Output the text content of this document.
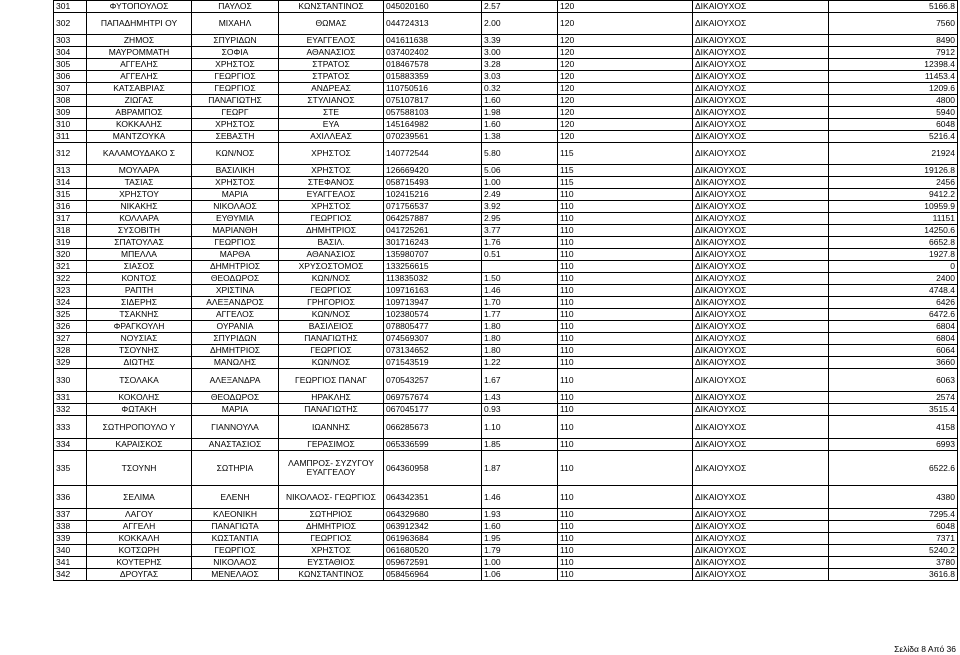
301	ΦΥΤΟΠΟΥΛΟΣ	ΠΑΥΛΟΣ	ΚΩΝΣΤΑΝΤΙΝΟΣ	045020160	2.57	120	ΔΙΚΑΙΟΥΧΟΣ	5166.8
302	ΠΑΠΑΔΗΜΗΤΡΙ ΟΥ	ΜΙΧΑΗΛ	ΘΩΜΑΣ	044724313	2.00	120	ΔΙΚΑΙΟΥΧΟΣ	7560
303	ΖΗΜΟΣ	ΣΠΥΡΙΔΩΝ	ΕΥΑΓΓΕΛΟΣ	041611638	3.39	120	ΔΙΚΑΙΟΥΧΟΣ	8490
304	ΜΑΥΡΟΜΜΑΤΗ	ΣΟΦΙΑ	ΑΘΑΝΑΣΙΟΣ	037402402	3.00	120	ΔΙΚΑΙΟΥΧΟΣ	7912
305	ΑΓΓΕΛΗΣ	ΧΡΗΣΤΟΣ	ΣΤΡΑΤΟΣ	018467578	3.28	120	ΔΙΚΑΙΟΥΧΟΣ	12398.4
306	ΑΓΓΕΛΗΣ	ΓΕΩΡΓΙΟΣ	ΣΤΡΑΤΟΣ	015883359	3.03	120	ΔΙΚΑΙΟΥΧΟΣ	11453.4
307	ΚΑΤΣΑΒΡΙΑΣ	ΓΕΩΡΓΙΟΣ	ΑΝΔΡΕΑΣ	110750516	0.32	120	ΔΙΚΑΙΟΥΧΟΣ	1209.6
308	ΖΙΩΓΑΣ	ΠΑΝΑΓΙΩΤΗΣ	ΣΤΥΛΙΑΝΟΣ	075107817	1.60	120	ΔΙΚΑΙΟΥΧΟΣ	4800
309	ΑΒΡΑΜΠΟΣ	ΓΕΩΡΓ	ΣΤΕ	057588103	1.98	120	ΔΙΚΑΙΟΥΧΟΣ	5940
310	ΚΟΚΚΑΛΗΣ	ΧΡΗΣΤΟΣ	ΕΥΑ	145164982	1.60	120	ΔΙΚΑΙΟΥΧΟΣ	6048
311	ΜΑΝΤΖΟΥΚΑ	ΣΕΒΑΣΤΗ	ΑΧΙΛΛΕΑΣ	070239561	1.38	120	ΔΙΚΑΙΟΥΧΟΣ	5216.4
312	ΚΑΛΑΜΟΥΔΑΚΟ Σ	ΚΩΝ/ΝΟΣ	ΧΡΗΣΤΟΣ	140772544	5.80	115	ΔΙΚΑΙΟΥΧΟΣ	21924
313	ΜΟΥΛΑΡΑ	ΒΑΣΙΛΙΚΗ	ΧΡΗΣΤΟΣ	126669420	5.06	115	ΔΙΚΑΙΟΥΧΟΣ	19126.8
314	ΤΑΣΙΑΣ	ΧΡΗΣΤΟΣ	ΣΤΕΦΑΝΟΣ	058715493	1.00	115	ΔΙΚΑΙΟΥΧΟΣ	2456
315	ΧΡΗΣΤΟΥ	ΜΑΡΙΑ	ΕΥΑΓΓΕΛΟΣ	102415216	2.49	110	ΔΙΚΑΙΟΥΧΟΣ	9412.2
316	ΝΙΚΑΚΗΣ	ΝΙΚΟΛΑΟΣ	ΧΡΗΣΤΟΣ	071756537	3.92	110	ΔΙΚΑΙΟΥΧΟΣ	10959.9
317	ΚΟΛΛΑΡΑ	ΕΥΘΥΜΙΑ	ΓΕΩΡΓΙΟΣ	064257887	2.95	110	ΔΙΚΑΙΟΥΧΟΣ	11151
318	ΣΥΣΟΒΙΤΗ	ΜΑΡΙΑΝΘΗ	ΔΗΜΗΤΡΙΟΣ	041725261	3.77	110	ΔΙΚΑΙΟΥΧΟΣ	14250.6
319	ΣΠΑΤΟΥΛΑΣ	ΓΕΩΡΓΙΟΣ	ΒΑΣΙΛ.	301716243	1.76	110	ΔΙΚΑΙΟΥΧΟΣ	6652.8
320	ΜΠΕΛΛΑ	ΜΑΡΘΑ	ΑΘΑΝΑΣΙΟΣ	135980707	0.51	110	ΔΙΚΑΙΟΥΧΟΣ	1927.8
321	ΣΙΑΣΟΣ	ΔΗΜΗΤΡΙΟΣ	ΧΡΥΣΟΣΤΟΜΟΣ	133256615		110	ΔΙΚΑΙΟΥΧΟΣ	0
322	ΚΟΝΤΟΣ	ΘΕΟΔΩΡΟΣ	ΚΩΝ/ΝΟΣ	113835032	1.50	110	ΔΙΚΑΙΟΥΧΟΣ	2400
323	ΡΑΠΤΗ	ΧΡΙΣΤΙΝΑ	ΓΕΩΡΓΙΟΣ	109716163	1.46	110	ΔΙΚΑΙΟΥΧΟΣ	4748.4
324	ΣΙΔΕΡΗΣ	ΑΛΕΞΑΝΔΡΟΣ	ΓΡΗΓΟΡΙΟΣ	109713947	1.70	110	ΔΙΚΑΙΟΥΧΟΣ	6426
325	ΤΣΑΚΝΗΣ	ΑΓΓΕΛΟΣ	ΚΩΝ/ΝΟΣ	102380574	1.77	110	ΔΙΚΑΙΟΥΧΟΣ	6472.6
326	ΦΡΑΓΚΟΥΛΗ	ΟΥΡΑΝΙΑ	ΒΑΣΙΛΕΙΟΣ	078805477	1.80	110	ΔΙΚΑΙΟΥΧΟΣ	6804
327	ΝΟΥΣΙΑΣ	ΣΠΥΡΙΔΩΝ	ΠΑΝΑΓΙΩΤΗΣ	074569307	1.80	110	ΔΙΚΑΙΟΥΧΟΣ	6804
328	ΤΣΟΥΝΗΣ	ΔΗΜΗΤΡΙΟΣ	ΓΕΩΡΓΙΟΣ	073134652	1.80	110	ΔΙΚΑΙΟΥΧΟΣ	6064
329	ΔΙΩΤΗΣ	ΜΑΝΩΛΗΣ	ΚΩΝ/ΝΟΣ	071543519	1.22	110	ΔΙΚΑΙΟΥΧΟΣ	3660
330	ΤΣΟΛΑΚΑ	ΑΛΕΞΑΝΔΡΑ	ΓΕΩΡΓΙΟΣ ΠΑΝΑΓ	070543257	1.67	110	ΔΙΚΑΙΟΥΧΟΣ	6063
331	ΚΟΚΟΛΗΣ	ΘΕΟΔΩΡΟΣ	ΗΡΑΚΛΗΣ	069757674	1.43	110	ΔΙΚΑΙΟΥΧΟΣ	2574
332	ΦΩΤΑΚΗ	ΜΑΡΙΑ	ΠΑΝΑΓΙΩΤΗΣ	067045177	0.93	110	ΔΙΚΑΙΟΥΧΟΣ	3515.4
333	ΣΩΤΗΡΟΠΟΥΛΟ Υ	ΓΙΑΝΝΟΥΛΑ	ΙΩΑΝΝΗΣ	066285673	1.10	110	ΔΙΚΑΙΟΥΧΟΣ	4158
334	ΚΑΡΑΙΣΚΟΣ	ΑΝΑΣΤΑΣΙΟΣ	ΓΕΡΑΣΙΜΟΣ	065336599	1.85	110	ΔΙΚΑΙΟΥΧΟΣ	6993
335	ΤΣΟΥΝΗ	ΣΩΤΗΡΙΑ	ΛΑΜΠΡΟΣ- ΣΥΖΥΓΟΥ ΕΥΑΓΓΕΛΟΥ	064360958	1.87	110	ΔΙΚΑΙΟΥΧΟΣ	6522.6
336	ΣΕΛΙΜΑ	ΕΛΕΝΗ	ΝΙΚΟΛΑΟΣ- ΓΕΩΡΓΙΟΣ	064342351	1.46	110	ΔΙΚΑΙΟΥΧΟΣ	4380
337	ΛΑΓΟΥ	ΚΛΕΟΝΙΚΗ	ΣΩΤΗΡΙΟΣ	064329680	1.93	110	ΔΙΚΑΙΟΥΧΟΣ	7295.4
338	ΑΓΓΕΛΗ	ΠΑΝΑΓΙΩΤΑ	ΔΗΜΗΤΡΙΟΣ	063912342	1.60	110	ΔΙΚΑΙΟΥΧΟΣ	6048
339	ΚΟΚΚΑΛΗ	ΚΩΣΤΑΝΤΙΑ	ΓΕΩΡΓΙΟΣ	061963684	1.95	110	ΔΙΚΑΙΟΥΧΟΣ	7371
340	ΚΟΤΣΩΡΗ	ΓΕΩΡΓΙΟΣ	ΧΡΗΣΤΟΣ	061680520	1.79	110	ΔΙΚΑΙΟΥΧΟΣ	5240.2
341	ΚΟΥΤΕΡΗΣ	ΝΙΚΟΛΑΟΣ	ΕΥΣΤΑΘΙΟΣ	059672591	1.00	110	ΔΙΚΑΙΟΥΧΟΣ	3780
342	ΔΡΟΥΓΑΣ	ΜΕΝΕΛΑΟΣ	ΚΩΝΣΤΑΝΤΙΝΟΣ	058456964	1.06	110	ΔΙΚΑΙΟΥΧΟΣ	3616.8
Σελίδα 8 Από 36
